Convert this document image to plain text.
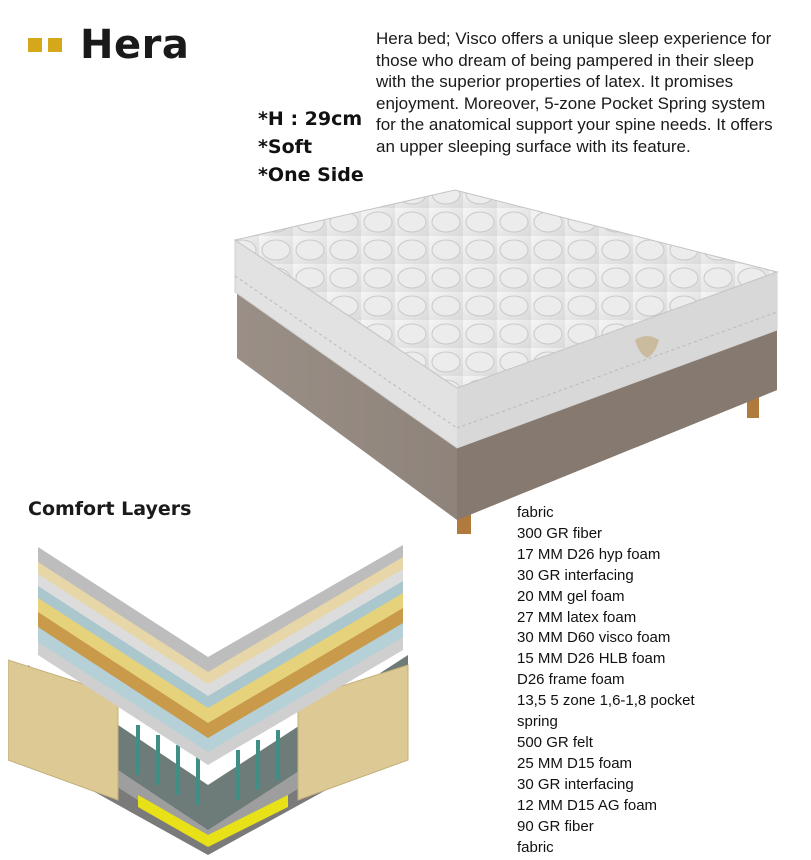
Hera	Hera bed; Visco offers a unique sleep experience for those who dream of being pampered in their sleep with the superior properties of latex. It promises enjoyment. Moreover, 5-zone Pocket Spring system for the anatomical support your spine needs. It offers an upper sleeping surface with its feature.
*H : 29cm
*Soft
*One Side
Comfort Layers	fabric
300 GR fiber
17 MM D26 hyp foam
30 GR interfacing
20 MM gel foam
27 MM latex foam
30 MM D60 visco foam
15 MM D26 HLB foam
D26 frame foam
13,5 5 zone 1,6-1,8 pocket
spring
500 GR felt
25 MM D15 foam
30 GR interfacing
12 MM D15 AG foam
90 GR fiber
fabric
